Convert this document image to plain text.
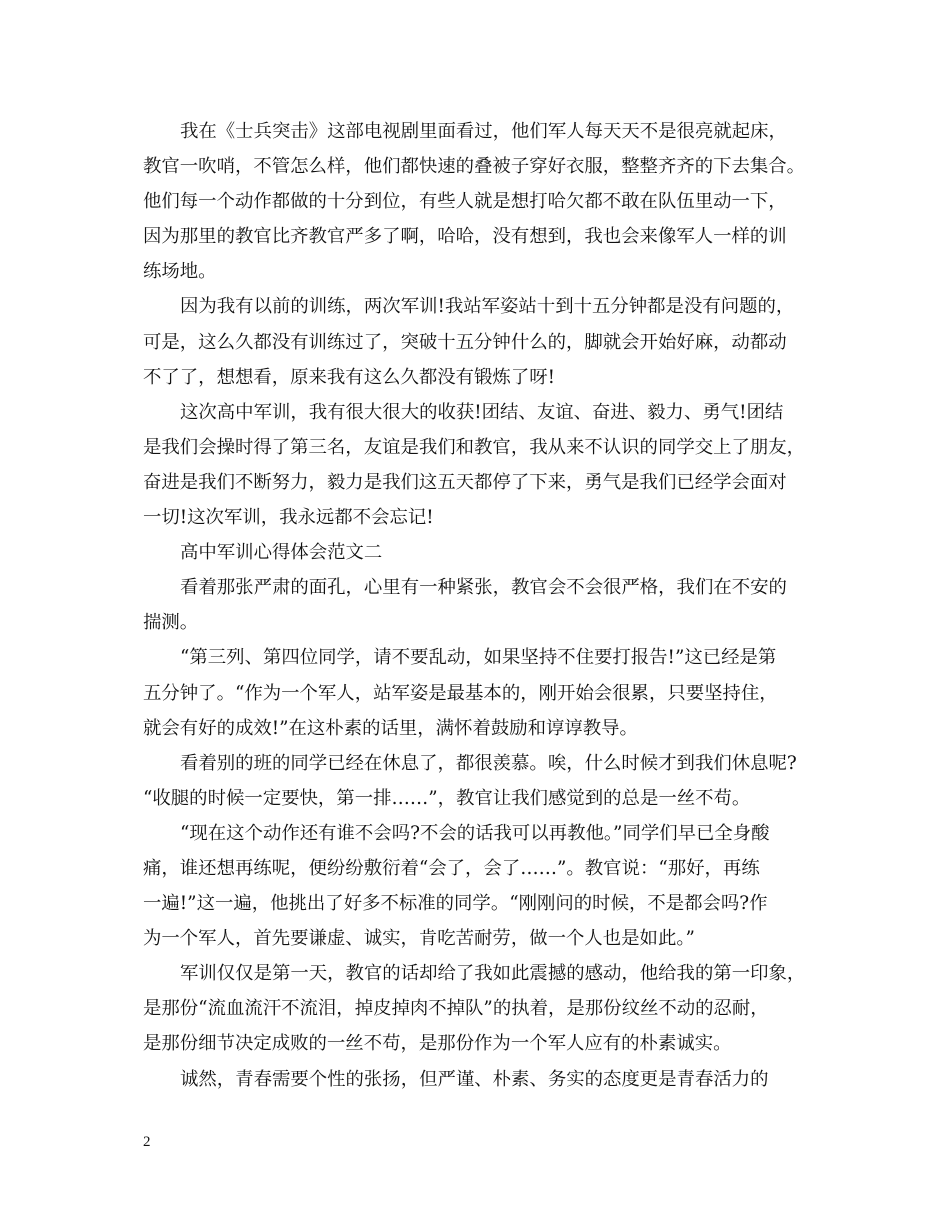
我在《士兵突击》这部电视剧里面看过，他们军人每天天不是很亮就起床，
教官一吹哨，不管怎么样，他们都快速的叠被子穿好衣服，整整齐齐的下去集合。
他们每一个动作都做的十分到位，有些人就是想打哈欠都不敢在队伍里动一下，
因为那里的教官比齐教官严多了啊，哈哈，没有想到，我也会来像军人一样的训
练场地。
因为我有以前的训练，两次军训!我站军姿站十到十五分钟都是没有问题的，
可是，这么久都没有训练过了，突破十五分钟什么的，脚就会开始好麻，动都动
不了了，想想看，原来我有这么久都没有锻炼了呀!
这次高中军训，我有很大很大的收获!团结、友谊、奋进、毅力、勇气!团结
是我们会操时得了第三名，友谊是我们和教官，我从来不认识的同学交上了朋友，
奋进是我们不断努力，毅力是我们这五天都停了下来，勇气是我们已经学会面对
一切!这次军训，我永远都不会忘记!
高中军训心得体会范文二
看着那张严肃的面孔，心里有一种紧张，教官会不会很严格，我们在不安的
揣测。
“第三列、第四位同学，请不要乱动，如果坚持不住要打报告!”这已经是第
五分钟了。“作为一个军人，站军姿是最基本的，刚开始会很累，只要坚持住，
就会有好的成效!”在这朴素的话里，满怀着鼓励和谆谆教导。
看着别的班的同学已经在休息了，都很羡慕。唉，什么时候才到我们休息呢?
“收腿的时候一定要快，第一排……”，教官让我们感觉到的总是一丝不苟。
“现在这个动作还有谁不会吗?不会的话我可以再教他。”同学们早已全身酸
痛，谁还想再练呢，便纷纷敷衍着“会了，会了……”。教官说：“那好，再练
一遍!”这一遍，他挑出了好多不标准的同学。“刚刚问的时候，不是都会吗?作
为一个军人，首先要谦虚、诚实，肯吃苦耐劳，做一个人也是如此。”
军训仅仅是第一天，教官的话却给了我如此震撼的感动，他给我的第一印象，
是那份“流血流汗不流泪，掉皮掉肉不掉队”的执着，是那份纹丝不动的忍耐，
是那份细节决定成败的一丝不苟，是那份作为一个军人应有的朴素诚实。
诚然，青春需要个性的张扬，但严谨、朴素、务实的态度更是青春活力的
2
